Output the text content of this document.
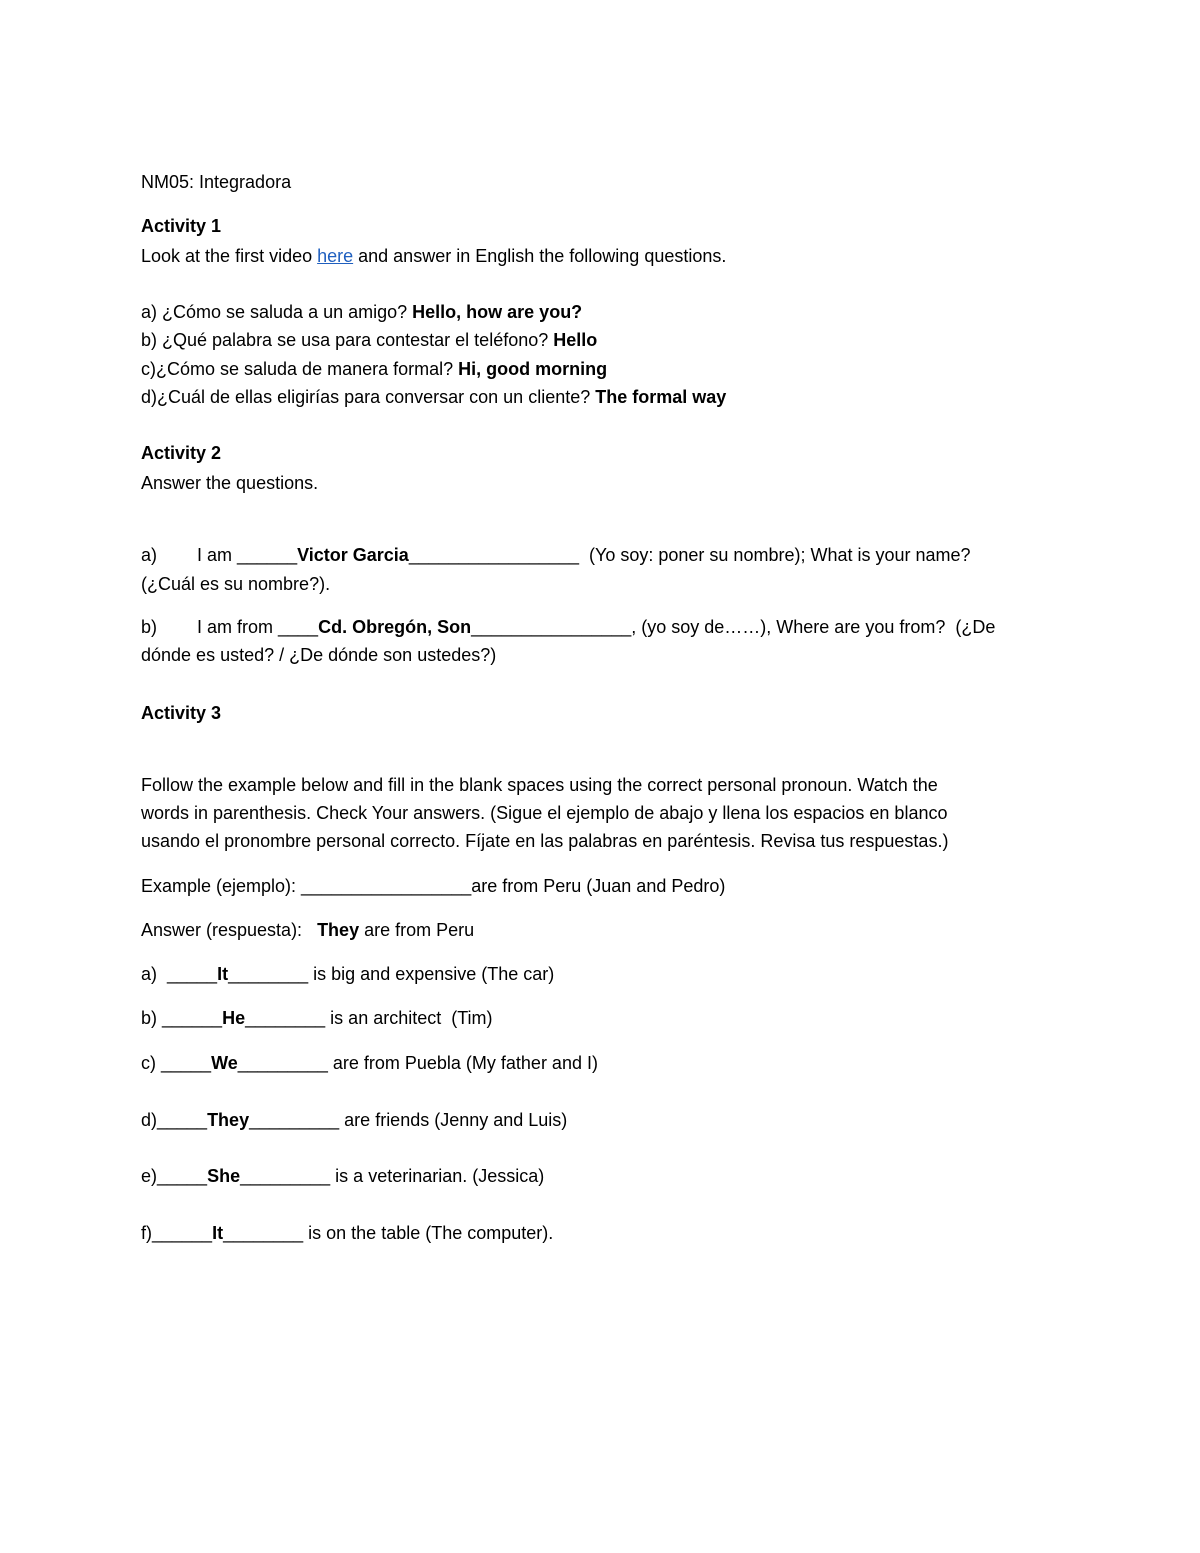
NM05: Integradora
Activity 1
Look at the first video here and answer in English the following questions.
a) ¿Cómo se saluda a un amigo? Hello, how are you?
b) ¿Qué palabra se usa para contestar el teléfono? Hello
c)¿Cómo se saluda de manera formal? Hi, good morning
d)¿Cuál de ellas eligirías para conversar con un cliente? The formal way
Activity 2
Answer the questions.
a) I am ______Victor Garcia_________________  (Yo soy: poner su nombre); What is your name?
(¿Cuál es su nombre?).
b) I am from ____Cd. Obregón, Son________________, (yo soy de……), Where are you from?  (¿De
dónde es usted? / ¿De dónde son ustedes?)
Activity 3
Follow the example below and fill in the blank spaces using the correct personal pronoun. Watch the
words in parenthesis. Check Your answers. (Sigue el ejemplo de abajo y llena los espacios en blanco
usando el pronombre personal correcto. Fíjate en las palabras en paréntesis. Revisa tus respuestas.)
Example (ejemplo): _________________are from Peru (Juan and Pedro)
Answer (respuesta):   They are from Peru
a)  _____It________ is big and expensive (The car)
b) ______He________ is an architect  (Tim)
c) _____We_________ are from Puebla (My father and I)
d)_____They_________ are friends (Jenny and Luis)
e)_____She_________ is a veterinarian. (Jessica)
f)______It________ is on the table (The computer).
